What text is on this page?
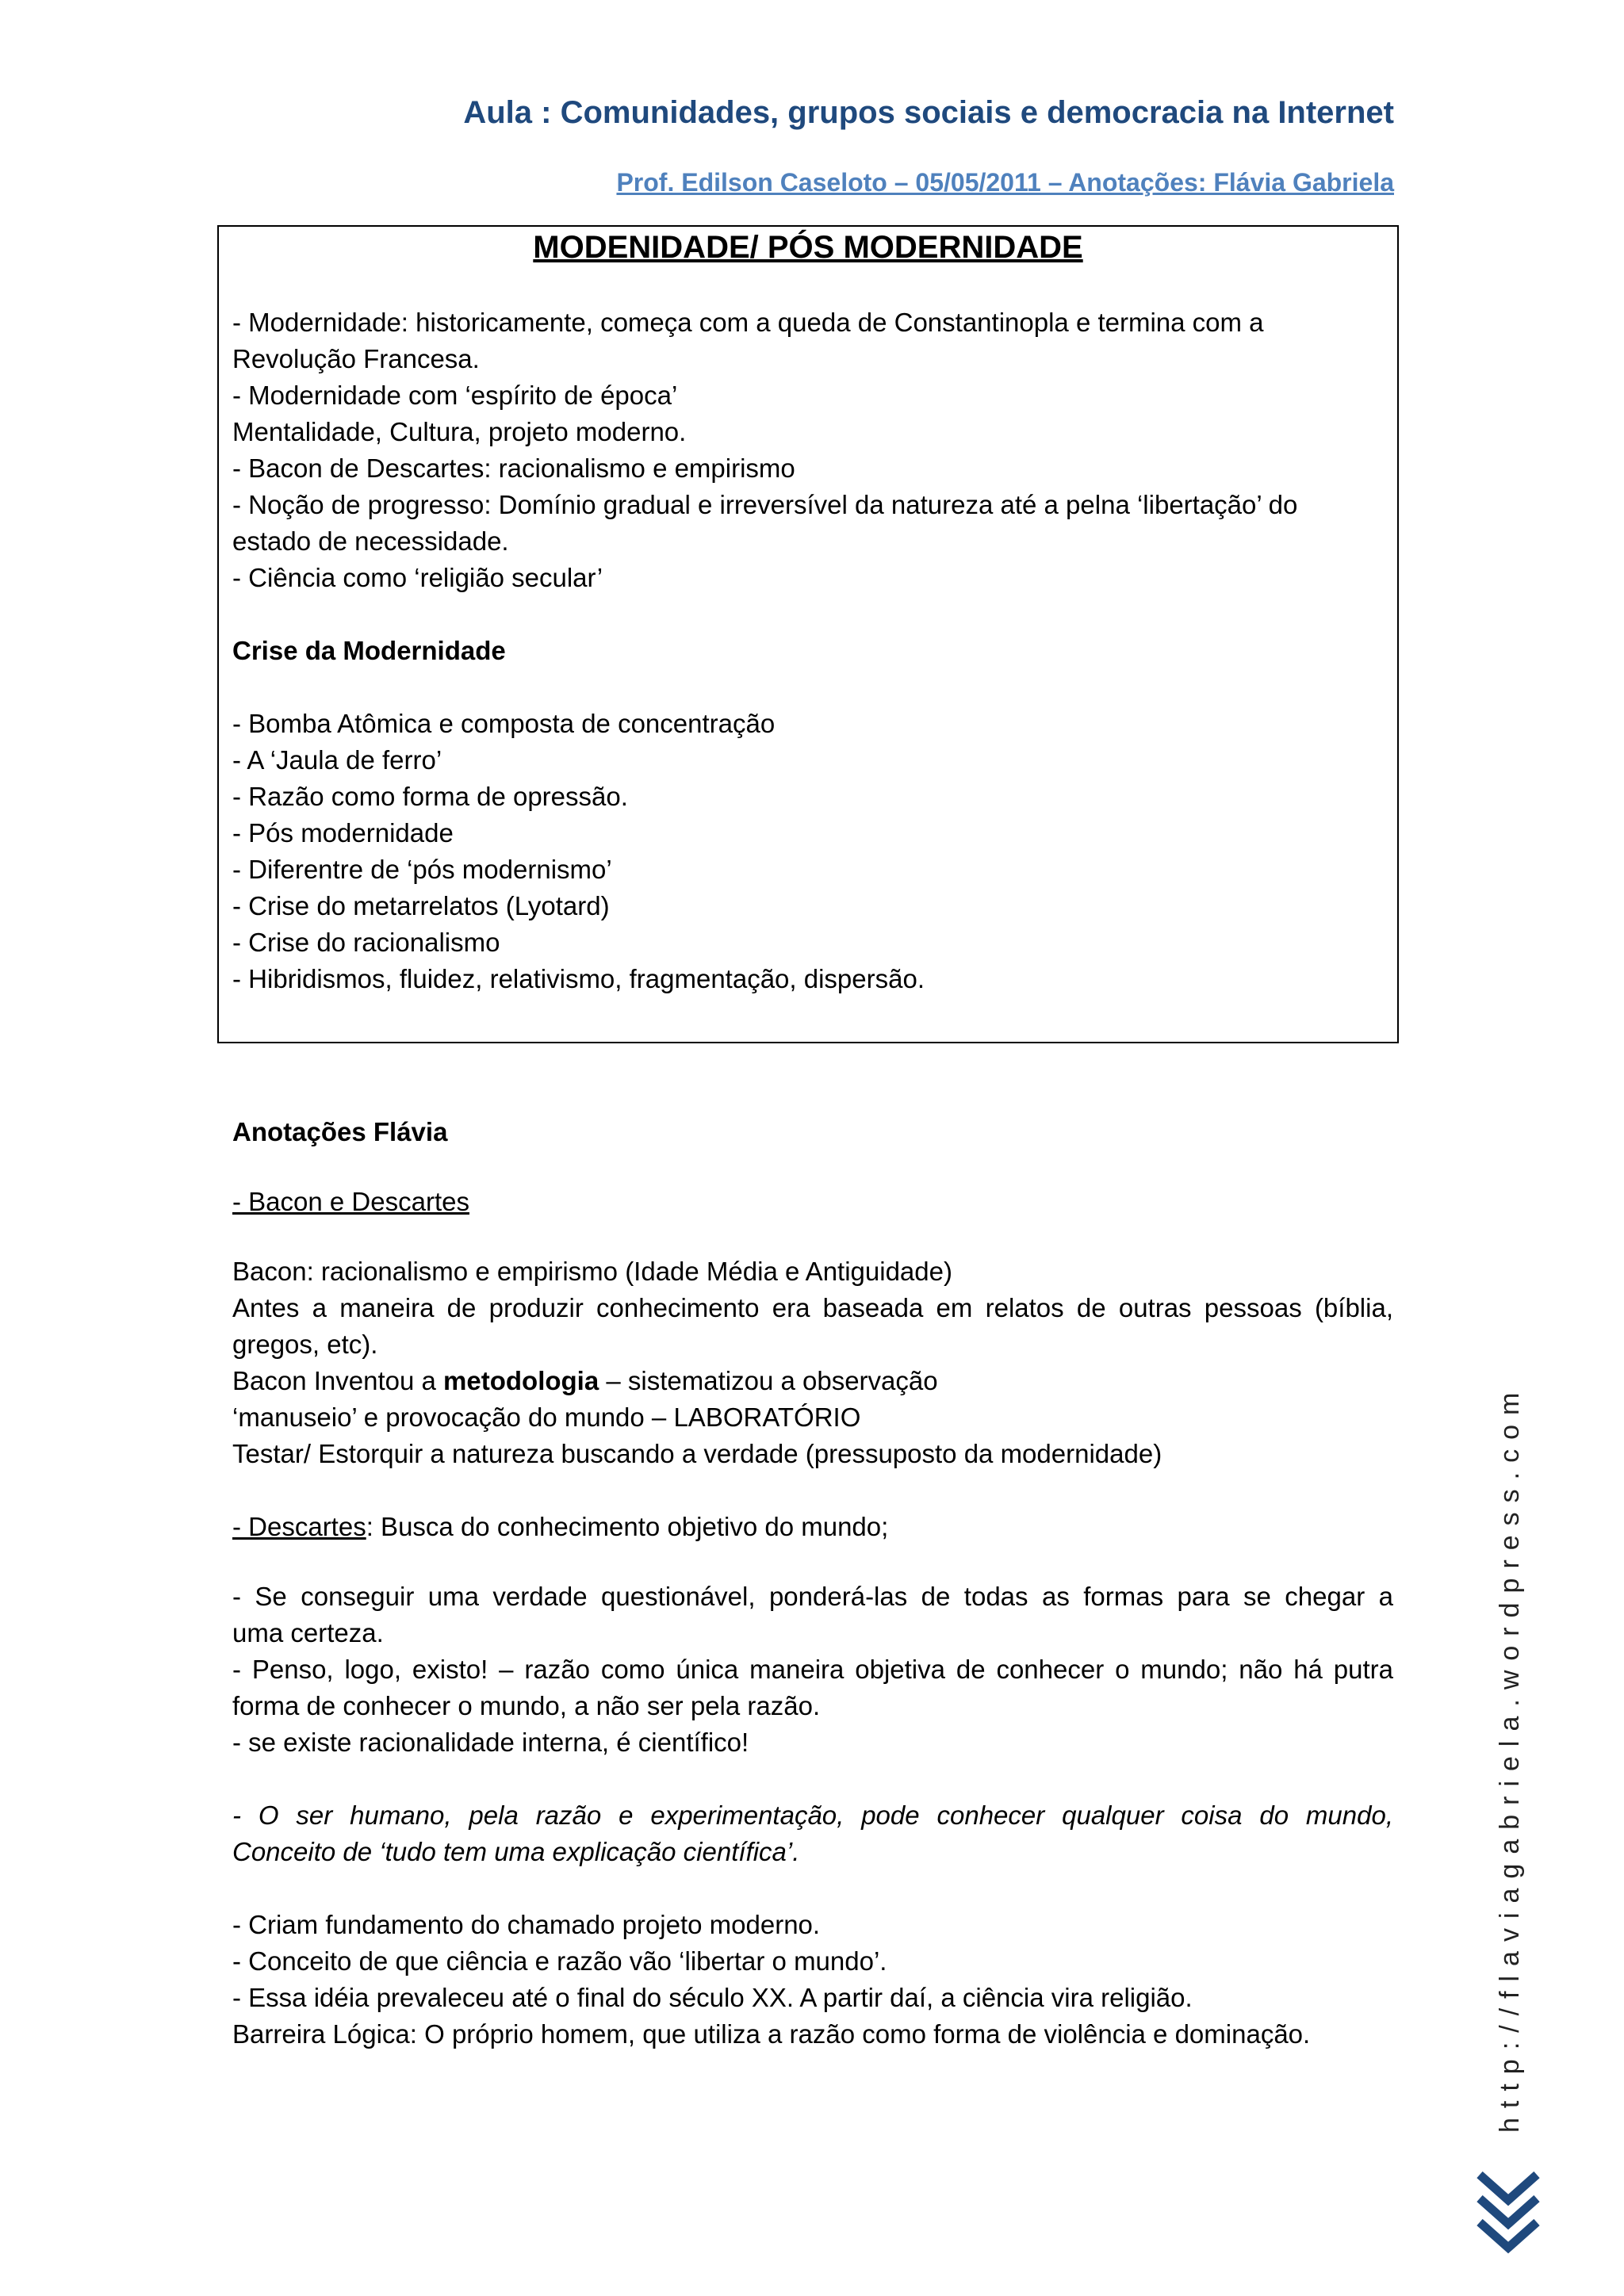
Aula : Comunidades, grupos sociais e democracia na Internet
Prof. Edilson Caseloto – 05/05/2011 – Anotações: Flávia Gabriela
MODENIDADE/ PÓS MODERNIDADE
- Modernidade: historicamente, começa com a queda de Constantinopla e termina com a
Revolução Francesa.
- Modernidade com ‘espírito de época’
Mentalidade, Cultura, projeto moderno.
- Bacon de Descartes: racionalismo e empirismo
- Noção de progresso: Domínio gradual e irreversível da natureza até a pelna ‘libertação’ do
estado de necessidade.
- Ciência como ‘religião secular’
Crise da Modernidade
- Bomba Atômica e composta de concentração
- A ‘Jaula de ferro’
- Razão como forma de opressão.
- Pós modernidade
- Diferentre de ‘pós modernismo’
- Crise do metarrelatos (Lyotard)
- Crise do racionalismo
- Hibridismos, fluidez, relativismo, fragmentação, dispersão.
Anotações Flávia
- Bacon e Descartes
Bacon: racionalismo e empirismo (Idade Média e Antiguidade)
Antes a maneira de produzir conhecimento era baseada em relatos de outras pessoas (bíblia,
gregos, etc).
Bacon Inventou a metodologia – sistematizou a observação
‘manuseio’ e provocação do mundo – LABORATÓRIO
Testar/ Estorquir a natureza buscando a verdade (pressuposto da modernidade)
- Descartes: Busca do conhecimento objetivo do mundo;
- Se conseguir uma verdade questionável, ponderá-las de todas as formas para se chegar a
uma certeza.
- Penso, logo, existo! – razão como única maneira objetiva de conhecer o mundo; não há putra
forma de conhecer o mundo, a não ser pela razão.
- se existe racionalidade interna, é científico!
- O ser humano, pela razão e experimentação, pode conhecer qualquer coisa do mundo,
Conceito de ‘tudo tem uma explicação científica’.
- Criam fundamento do chamado projeto moderno.
- Conceito de que ciência e razão vão ‘libertar o mundo’.
- Essa idéia prevaleceu até o final do século XX. A partir daí, a ciência vira religião.
Barreira Lógica: O próprio homem, que utiliza a razão como forma de violência e dominação.	http://flaviagabriela.wordpress.com
